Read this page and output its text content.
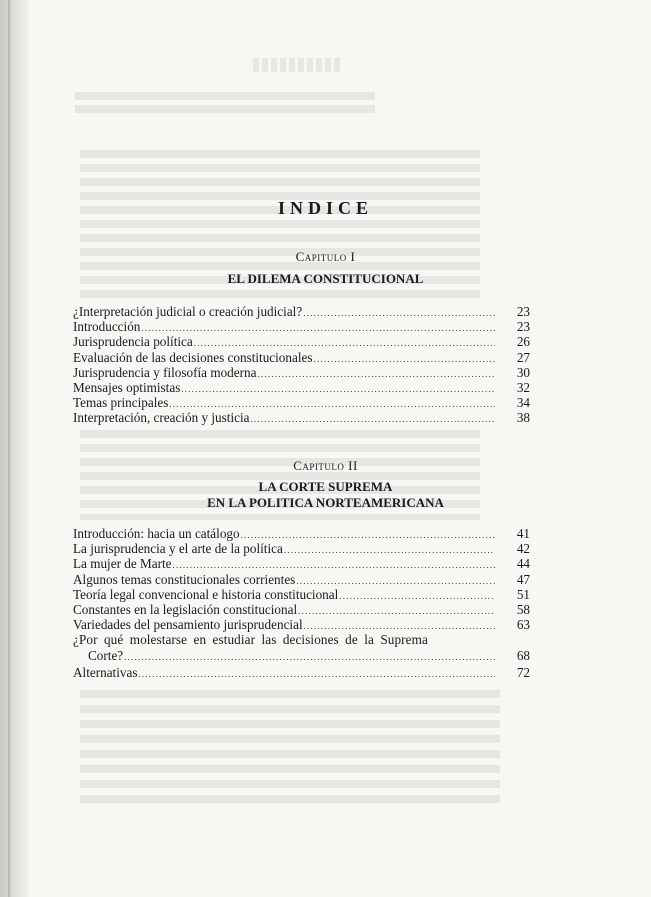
INDICE
Capitulo I
EL DILEMA CONSTITUCIONAL
¿Interpretación judicial o creación judicial? .....	23
Introducción .....	23
Jurisprudencia política .....	26
Evaluación de las decisiones constitucionales .....	27
Jurisprudencia y filosofía moderna .....	30
Mensajes optimistas .....	32
Temas principales .....	34
Interpretación, creación y justicia .....	38
Capitulo II
LA CORTE SUPREMA
EN LA POLITICA NORTEAMERICANA
Introducción: hacia un catálogo .....	41
La jurisprudencia y el arte de la política .....	42
La mujer de Marte .....	44
Algunos temas constitucionales corrientes .....	47
Teoría legal convencional e historia constitucional .....	51
Constantes en la legislación constitucional .....	58
Variedades del pensamiento jurisprudencial .....	63
¿Por qué molestarse en estudiar las decisiones de la Suprema
Corte? .....	68
Alternativas .....	72
